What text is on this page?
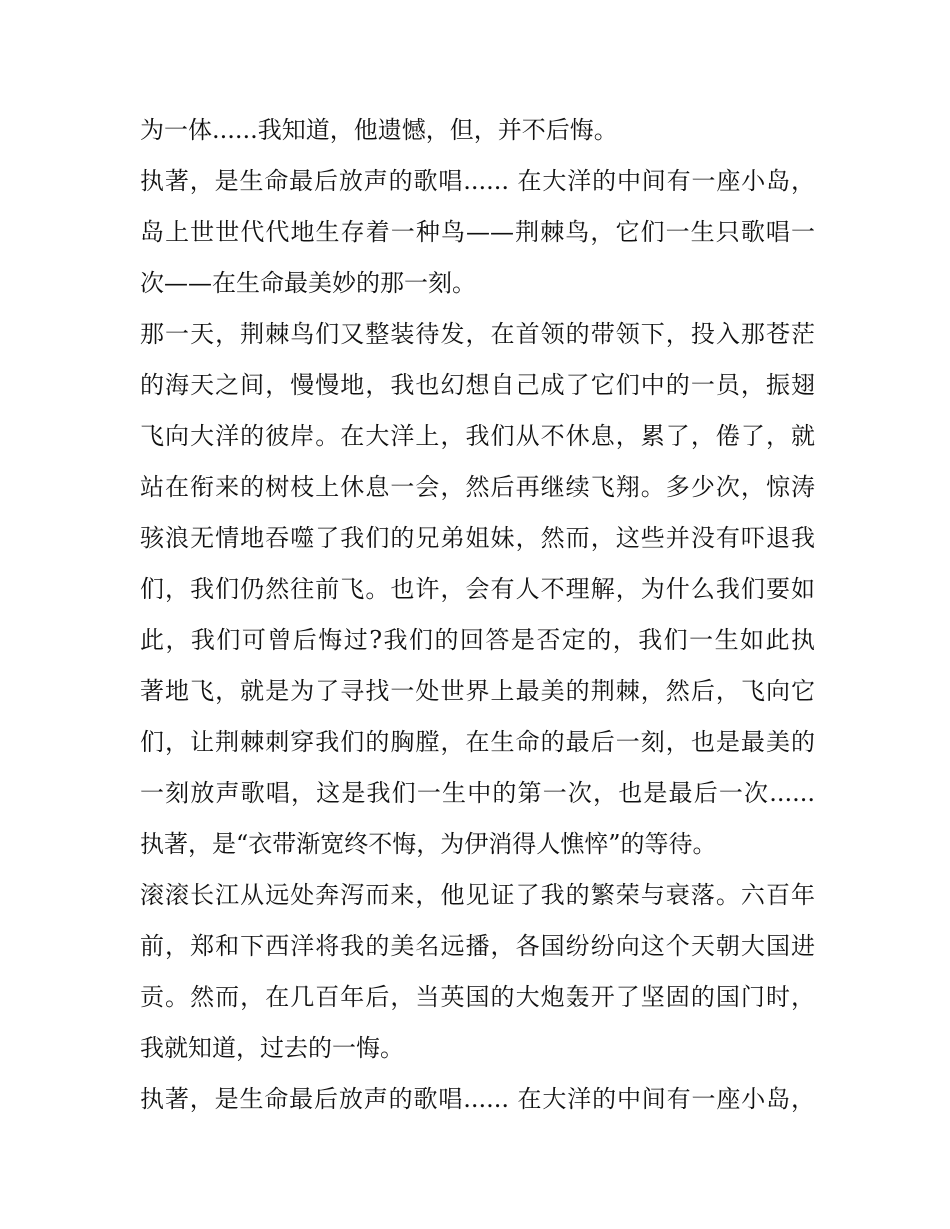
为一体......我知道，他遗憾，但，并不后悔。
执著，是生命最后放声的歌唱...... 在大洋的中间有一座小岛，
岛上世世代代地生存着一种鸟——荆棘鸟，它们一生只歌唱一
次——在生命最美妙的那一刻。
那一天，荆棘鸟们又整装待发，在首领的带领下，投入那苍茫
的海天之间，慢慢地，我也幻想自己成了它们中的一员，振翅
飞向大洋的彼岸。在大洋上，我们从不休息，累了，倦了，就
站在衔来的树枝上休息一会，然后再继续飞翔。多少次，惊涛
骇浪无情地吞噬了我们的兄弟姐妹，然而，这些并没有吓退我
们，我们仍然往前飞。也许，会有人不理解，为什么我们要如
此，我们可曾后悔过?我们的回答是否定的，我们一生如此执
著地飞，就是为了寻找一处世界上最美的荆棘，然后，飞向它
们，让荆棘刺穿我们的胸膛，在生命的最后一刻，也是最美的
一刻放声歌唱，这是我们一生中的第一次，也是最后一次......
执著，是“衣带渐宽终不悔，为伊消得人憔悴”的等待。
滚滚长江从远处奔泻而来，他见证了我的繁荣与衰落。六百年
前，郑和下西洋将我的美名远播，各国纷纷向这个天朝大国进
贡。然而，在几百年后，当英国的大炮轰开了坚固的国门时，
我就知道，过去的一悔。
执著，是生命最后放声的歌唱...... 在大洋的中间有一座小岛，
